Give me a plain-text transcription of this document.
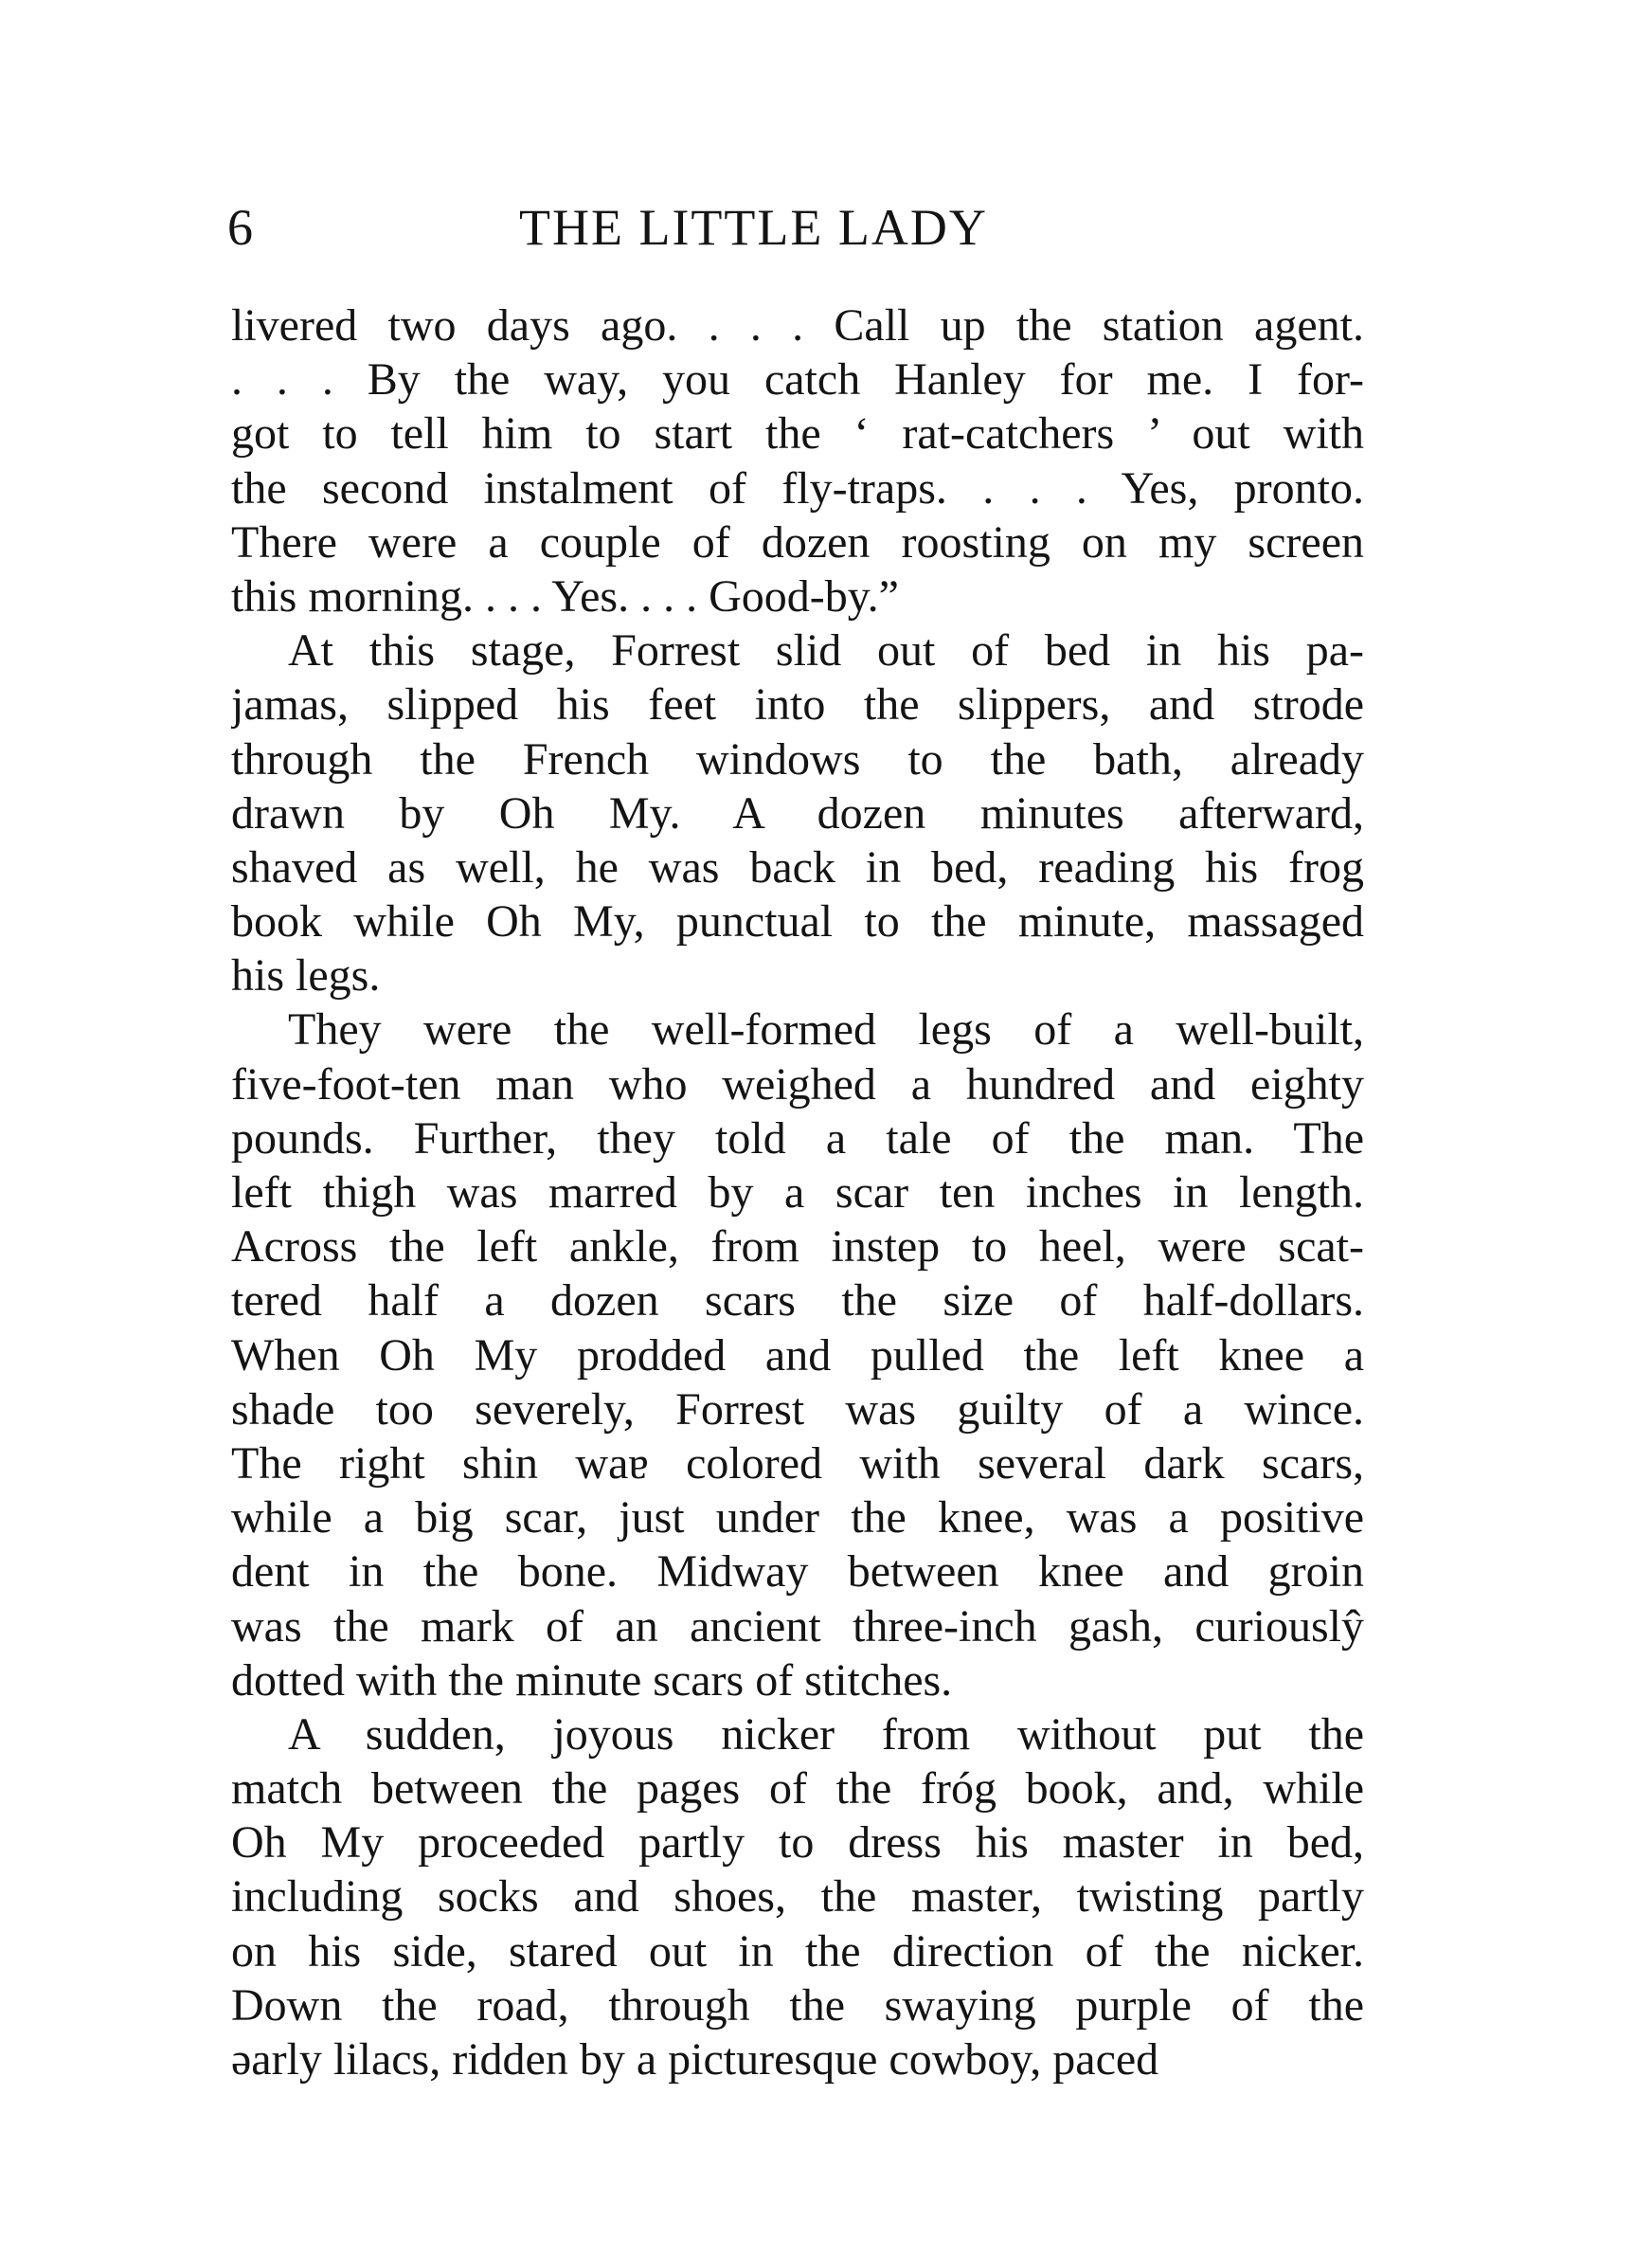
6	THE LITTLE LADY
livered two days ago. . . . Call up the station agent.
. . . By the way, you catch Hanley for me. I for-
got to tell him to start the ‘ rat-catchers ’ out with
the second instalment of fly-traps. . . . Yes, pronto.
There were a couple of dozen roosting on my screen
this morning. . . . Yes. . . . Good-by.”
At this stage, Forrest slid out of bed in his pa-
jamas, slipped his feet into the slippers, and strode
through the French windows to the bath, already
drawn by Oh My. A dozen minutes afterward,
shaved as well, he was back in bed, reading his frog
book while Oh My, punctual to the minute, massaged
his legs.
They were the well-formed legs of a well-built,
five-foot-ten man who weighed a hundred and eighty
pounds. Further, they told a tale of the man. The
left thigh was marred by a scar ten inches in length.
Across the left ankle, from instep to heel, were scat-
tered half a dozen scars the size of half-dollars.
When Oh My prodded and pulled the left knee a
shade too severely, Forrest was guilty of a wince.
The right shin waɐ colored with several dark scars,
while a big scar, just under the knee, was a positive
dent in the bone. Midway between knee and groin
was the mark of an ancient three-inch gash, curiouslŷ
dotted with the minute scars of stitches.
A sudden, joyous nicker from without put the
match between the pages of the fróg book, and, while
Oh My proceeded partly to dress his master in bed,
including socks and shoes, the master, twisting partly
on his side, stared out in the direction of the nicker.
Down the road, through the swaying purple of the
əarly lilacs, ridden by a picturesque cowboy, paced
